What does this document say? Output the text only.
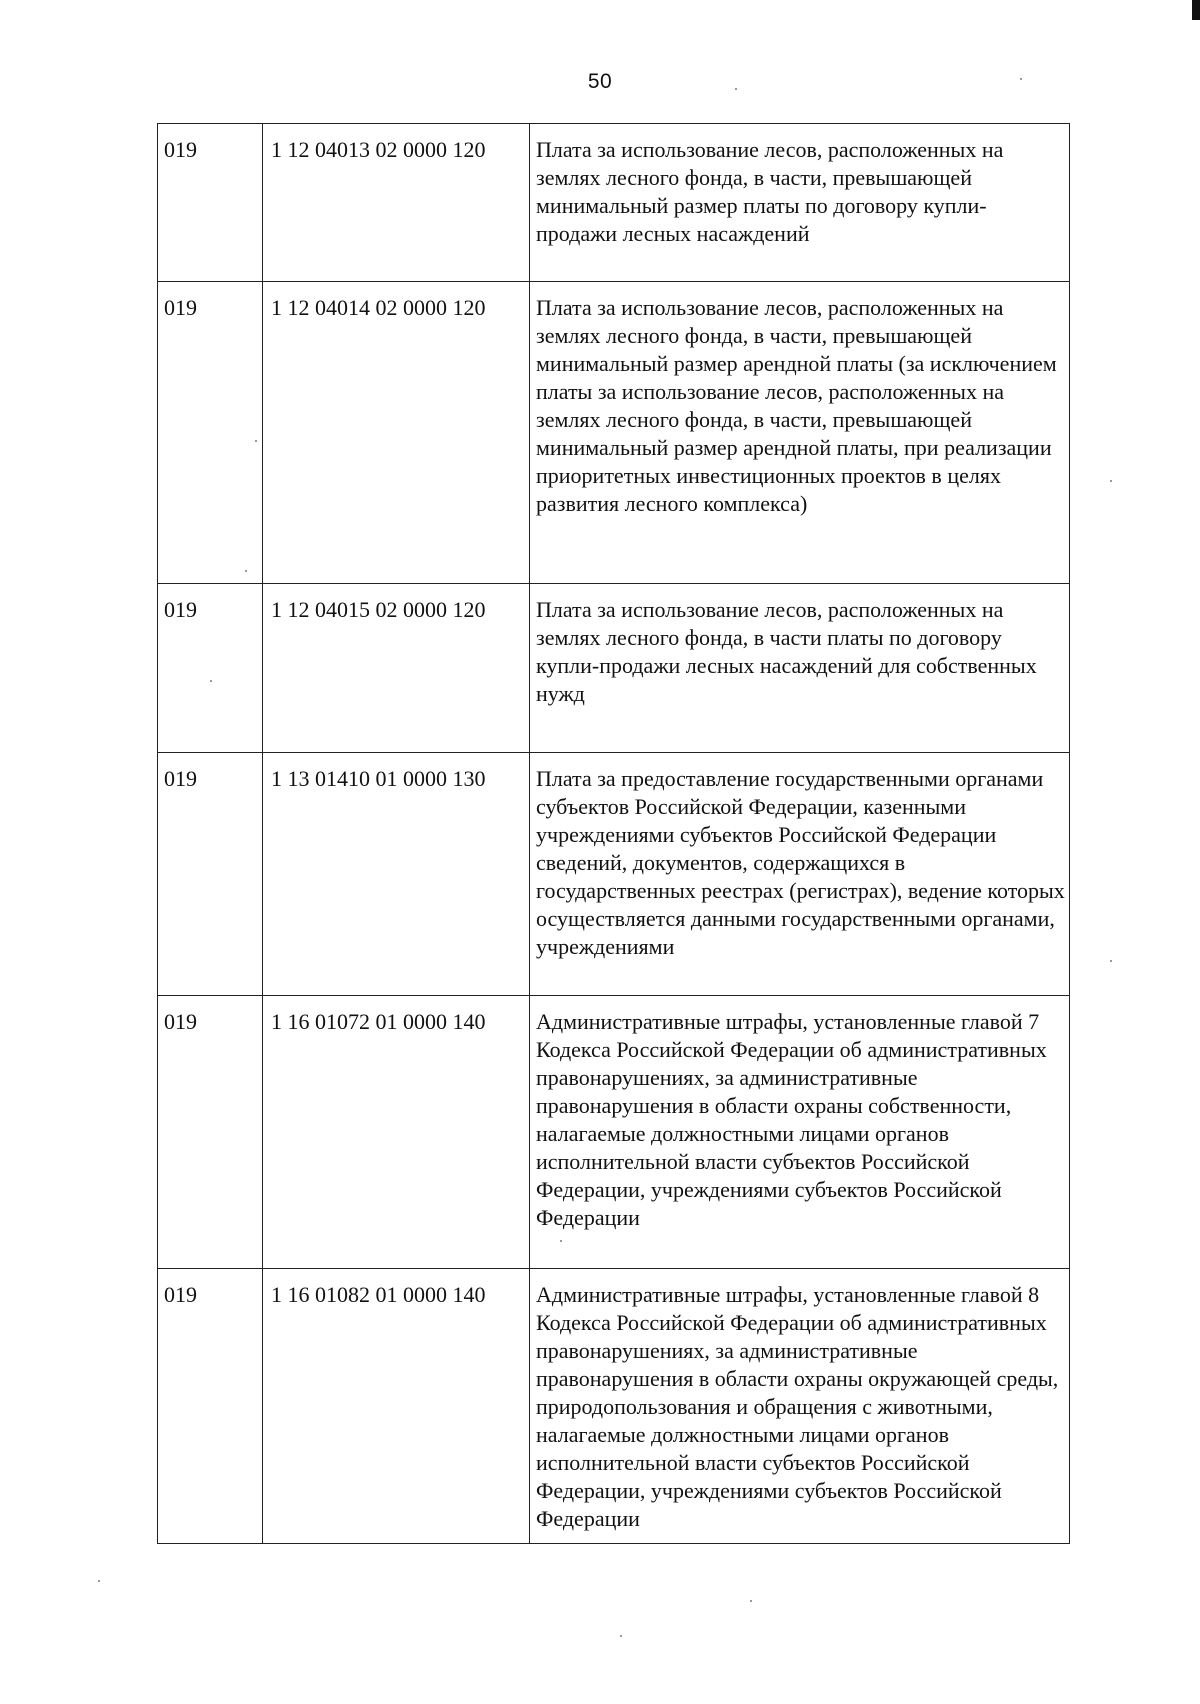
50
019	1 12 04013 02 0000 120	Плата за использование лесов, расположенных на землях лесного фонда, в части, превышающей минимальный размер платы по договору купли-продажи лесных насаждений
019	1 12 04014 02 0000 120	Плата за использование лесов, расположенных на землях лесного фонда, в части, превышающей минимальный размер арендной платы (за исключением платы за использование лесов, расположенных на землях лесного фонда, в части, превышающей минимальный размер арендной платы, при реализации приоритетных инвестиционных проектов в целях развития лесного комплекса)
019	1 12 04015 02 0000 120	Плата за использование лесов, расположенных на землях лесного фонда, в части платы по договору купли-продажи лесных насаждений для собственных нужд
019	1 13 01410 01 0000 130	Плата за предоставление государственными органами субъектов Российской Федерации, казенными учреждениями субъектов Российской Федерации сведений, документов, содержащихся в государственных реестрах (регистрах), ведение которых осуществляется данными государственными органами, учреждениями
019	1 16 01072 01 0000 140	Административные штрафы, установленные главой 7 Кодекса Российской Федерации об административных правонарушениях, за административные правонарушения в области охраны собственности, налагаемые должностными лицами органов исполнительной власти субъектов Российской Федерации, учреждениями субъектов Российской Федерации
019	1 16 01082 01 0000 140	Административные штрафы, установленные главой 8 Кодекса Российской Федерации об административных правонарушениях, за административные правонарушения в области охраны окружающей среды, природопользования и обращения с животными, налагаемые должностными лицами органов исполнительной власти субъектов Российской Федерации, учреждениями субъектов Российской Федерации
